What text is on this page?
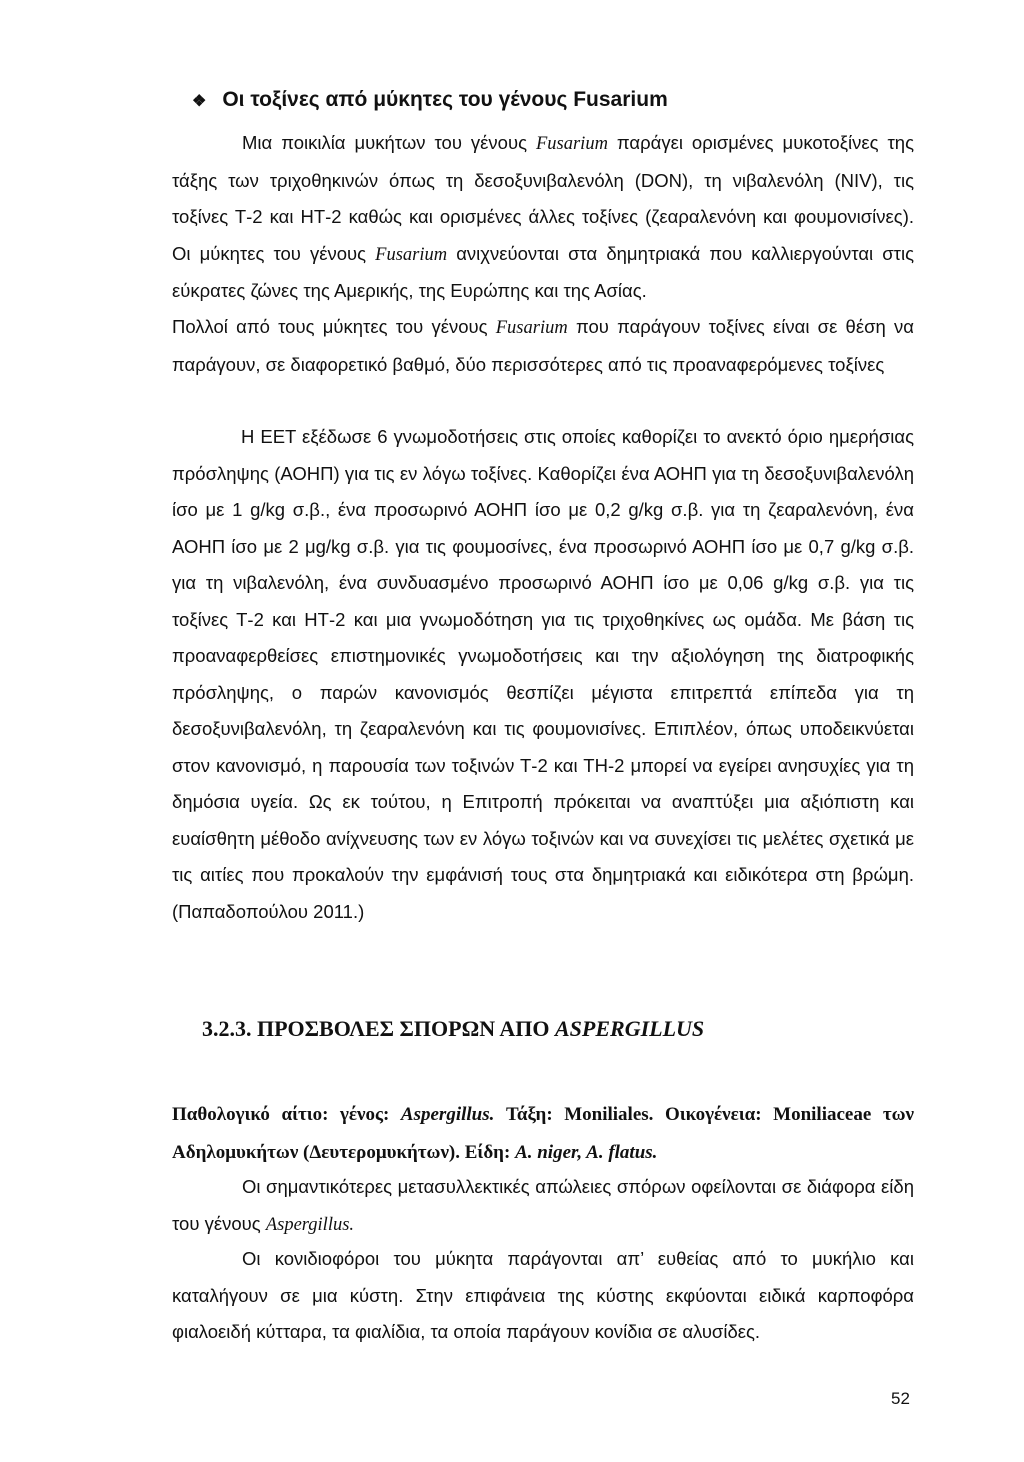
❖ Οι τοξίνες από μύκητες του γένους Fusarium
Μια ποικιλία μυκήτων του γένους Fusarium παράγει ορισμένες μυκοτοξίνες της τάξης των τριχοθηκινών όπως τη δεσοξυνιβαλενόλη (DON), τη νιβαλενόλη (NIV), τις τοξίνες Τ-2 και ΗΤ-2 καθώς και ορισμένες άλλες τοξίνες (ζεαραλενόνη και φουμονισίνες). Οι μύκητες του γένους Fusarium ανιχνεύονται στα δημητριακά που καλλιεργούνται στις εύκρατες ζώνες της Αμερικής, της Ευρώπης και της Ασίας.
Πολλοί από τους μύκητες του γένους Fusarium που παράγουν τοξίνες είναι σε θέση να παράγουν, σε διαφορετικό βαθμό, δύο περισσότερες από τις προαναφερόμενες τοξίνες
Η ΕΕΤ εξέδωσε 6 γνωμοδοτήσεις στις οποίες καθορίζει το ανεκτό όριο ημερήσιας πρόσληψης (ΑΟΗΠ) για τις εν λόγω τοξίνες. Καθορίζει ένα ΑΟΗΠ για τη δεσοξυνιβαλενόλη ίσο με 1 g/kg σ.β., ένα προσωρινό ΑΟΗΠ ίσο με 0,2 g/kg σ.β. για τη ζεαραλενόνη, ένα ΑΟΗΠ ίσο με 2 μg/kg σ.β. για τις φουμοσίνες, ένα προσωρινό ΑΟΗΠ ίσο με 0,7 g/kg σ.β. για τη νιβαλενόλη, ένα συνδυασμένο προσωρινό ΑΟΗΠ ίσο με 0,06 g/kg σ.β. για τις τοξίνες Τ-2 και ΗΤ-2 και μια γνωμοδότηση για τις τριχοθηκίνες ως ομάδα. Με βάση τις προαναφερθείσες επιστημονικές γνωμοδοτήσεις και την αξιολόγηση της διατροφικής πρόσληψης, ο παρών κανονισμός θεσπίζει μέγιστα επιτρεπτά επίπεδα για τη δεσοξυνιβαλενόλη, τη ζεαραλενόνη και τις φουμονισίνες. Επιπλέον, όπως υποδεικνύεται στον κανονισμό, η παρουσία των τοξινών Τ-2 και ΤΗ-2 μπορεί να εγείρει ανησυχίες για τη δημόσια υγεία. Ως εκ τούτου, η Επιτροπή πρόκειται να αναπτύξει μια αξιόπιστη και ευαίσθητη μέθοδο ανίχνευσης των εν λόγω τοξινών και να συνεχίσει τις μελέτες σχετικά με τις αιτίες που προκαλούν την εμφάνισή τους στα δημητριακά και ειδικότερα στη βρώμη. (Παπαδοπούλου 2011.)
3.2.3. ΠΡΟΣΒΟΛΕΣ ΣΠΟΡΩΝ ΑΠΟ ASPERGILLUS
Παθολογικό αίτιο: γένος: Aspergillus. Τάξη: Moniliales. Οικογένεια: Moniliaceae των Αδηλομυκήτων (Δευτερομυκήτων). Είδη: A. niger, A. flatus.
Οι σημαντικότερες μετασυλλεκτικές απώλειες σπόρων οφείλονται σε διάφορα είδη του γένους Aspergillus.
Οι κονιδιοφόροι του μύκητα παράγονται απ’ ευθείας από το μυκήλιο και καταλήγουν σε μια κύστη. Στην επιφάνεια της κύστης εκφύονται ειδικά καρποφόρα φιαλοειδή κύτταρα, τα φιαλίδια, τα οποία παράγουν κονίδια σε αλυσίδες.
52
